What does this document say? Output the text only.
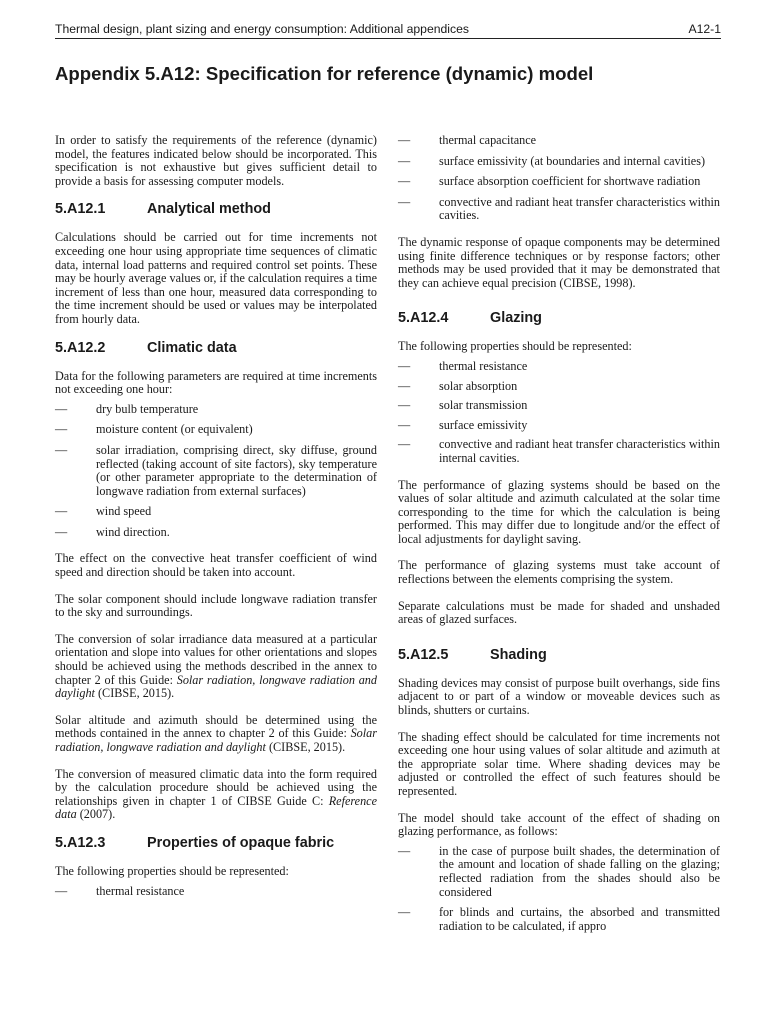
Thermal design, plant sizing and energy consumption: Additional appendices	A12-1
Appendix 5.A12: Specification for reference (dynamic) model

In order to satisfy the requirements of the reference (dynamic) model, the features indicated below should be incorporated. This specification is not exhaustive but gives sufficient detail to provide a basis for assessing computer models.

5.A12.1	Analytical method

Calculations should be carried out for time increments not exceeding one hour using appropriate time sequences of climatic data, internal load patterns and required control set points. These may be hourly average values or, if the calculation requires a time increment of less than one hour, measured data corresponding to the time increment should be used or values may be interpolated from hourly data.

5.A12.2	Climatic data

Data for the following parameters are required at time increments not exceeding one hour:

—	dry bulb temperature
—	moisture content (or equivalent)
—	solar irradiation, comprising direct, sky diffuse, ground reflected (taking account of site factors), sky temperature (or other parameter appropriate to the determination of longwave radiation from external surfaces)
—	wind speed
—	wind direction.

The effect on the convective heat transfer coefficient of wind speed and direction should be taken into account.

The solar component should include longwave radiation transfer to the sky and surroundings.

The conversion of solar irradiance data measured at a particular orientation and slope into values for other orientations and slopes should be achieved using the methods described in the annex to chapter 2 of this Guide: Solar radiation, longwave radiation and daylight (CIBSE, 2015).

Solar altitude and azimuth should be determined using the methods contained in the annex to chapter 2 of this Guide: Solar radiation, longwave radiation and daylight (CIBSE, 2015).

The conversion of measured climatic data into the form required by the calculation procedure should be achieved using the relationships given in chapter 1 of CIBSE Guide C: Reference data (2007).

5.A12.3	Properties of opaque fabric

The following properties should be represented:

—	thermal resistance
—	thermal capacitance
—	surface emissivity (at boundaries and internal cavities)
—	surface absorption coefficient for shortwave radiation
—	convective and radiant heat transfer characteristics within cavities.

The dynamic response of opaque components may be determined using finite difference techniques or by response factors; other methods may be used provided that it may be demonstrated that they can achieve equal precision (CIBSE, 1998).

5.A12.4	Glazing

The following properties should be represented:

—	thermal resistance
—	solar absorption
—	solar transmission
—	surface emissivity
—	convective and radiant heat transfer characteristics within internal cavities.

The performance of glazing systems should be based on the values of solar altitude and azimuth calculated at the solar time corresponding to the time for which the calculation is being performed. This may differ due to longitude and/or the effect of local adjustments for daylight saving.

The performance of glazing systems must take account of reflections between the elements comprising the system.

Separate calculations must be made for shaded and unshaded areas of glazed surfaces.

5.A12.5	Shading

Shading devices may consist of purpose built overhangs, side fins adjacent to or part of a window or moveable devices such as blinds, shutters or curtains.

The shading effect should be calculated for time increments not exceeding one hour using values of solar altitude and azimuth at the appropriate solar time. Where shading devices may be adjusted or controlled the effect of such features should be represented.

The model should take account of the effect of shading on glazing performance, as follows:

—	in the case of purpose built shades, the determination of the amount and location of shade falling on the glazing; reflected radiation from the shades should also be considered
—	for blinds and curtains, the absorbed and transmitted radiation to be calculated, if appro
